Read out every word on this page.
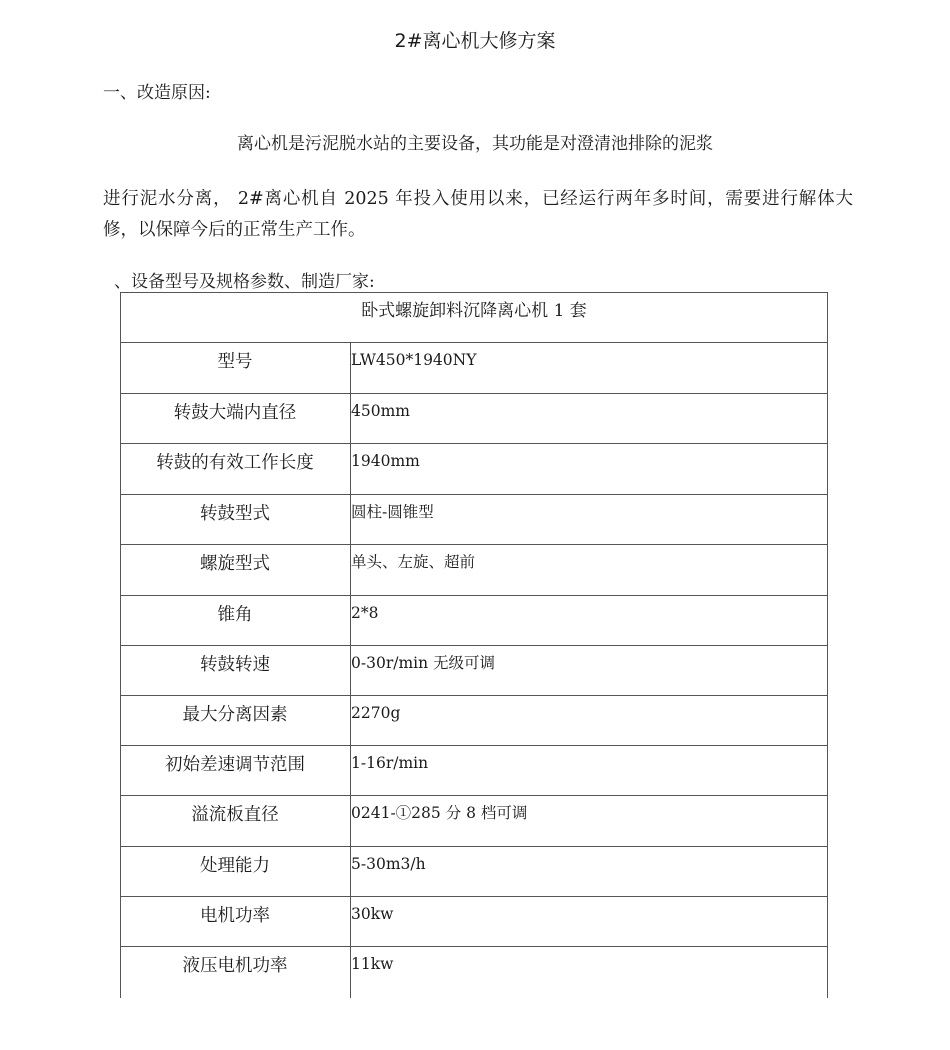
2#离心机大修方案
一、改造原因:
离心机是污泥脱水站的主要设备，其功能是对澄清池排除的泥浆
进行泥水分离， 2#离心机自 2025 年投入使用以来，已经运行两年多时间，需要进行解体大修，以保障今后的正常生产工作。
、设备型号及规格参数、制造厂家:
卧式螺旋卸料沉降离心机 1 套
型号	LW450*1940NY
转鼓大端内直径	450mm
转鼓的有效工作长度	1940mm
转鼓型式	圆柱-圆锥型
螺旋型式	单头、左旋、超前
锥角	2*8
转鼓转速	0-30r/min 无级可调
最大分离因素	2270g
初始差速调节范围	1-16r/min
溢流板直径	0241-①285 分 8 档可调
处理能力	5-30m3/h
电机功率	30kw
液压电机功率	11kw
